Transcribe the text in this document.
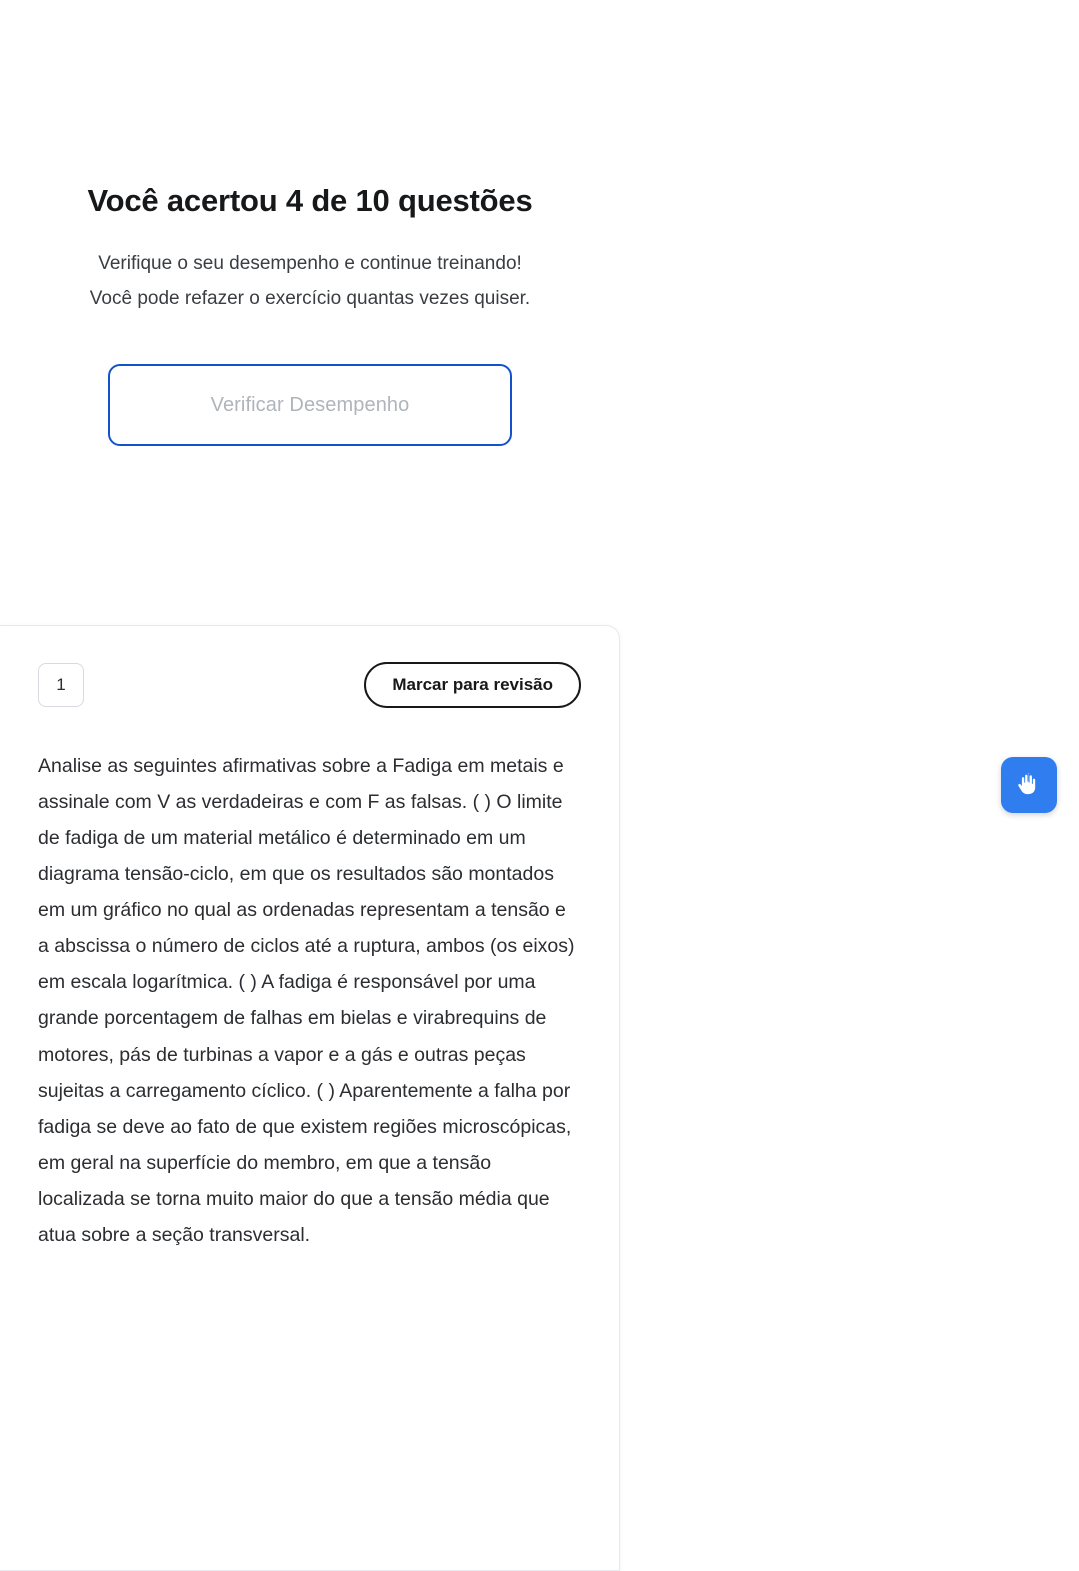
Você acertou 4 de 10 questões

Verifique o seu desempenho e continue treinando! Você pode refazer o exercício quantas vezes quiser.

Verificar Desempenho
1	Marcar para revisão

Analise as seguintes afirmativas sobre a Fadiga em metais e assinale com V as verdadeiras e com F as falsas. ( ) O limite de fadiga de um material metálico é determinado em um diagrama tensão-ciclo, em que os resultados são montados em um gráfico no qual as ordenadas representam a tensão e a abscissa o número de ciclos até a ruptura, ambos (os eixos) em escala logarítmica. ( ) A fadiga é responsável por uma grande porcentagem de falhas em bielas e virabrequins de motores, pás de turbinas a vapor e a gás e outras peças sujeitas a carregamento cíclico. ( ) Aparentemente a falha por fadiga se deve ao fato de que existem regiões microscópicas, em geral na superfície do membro, em que a tensão localizada se torna muito maior do que a tensão média que atua sobre a seção transversal.
